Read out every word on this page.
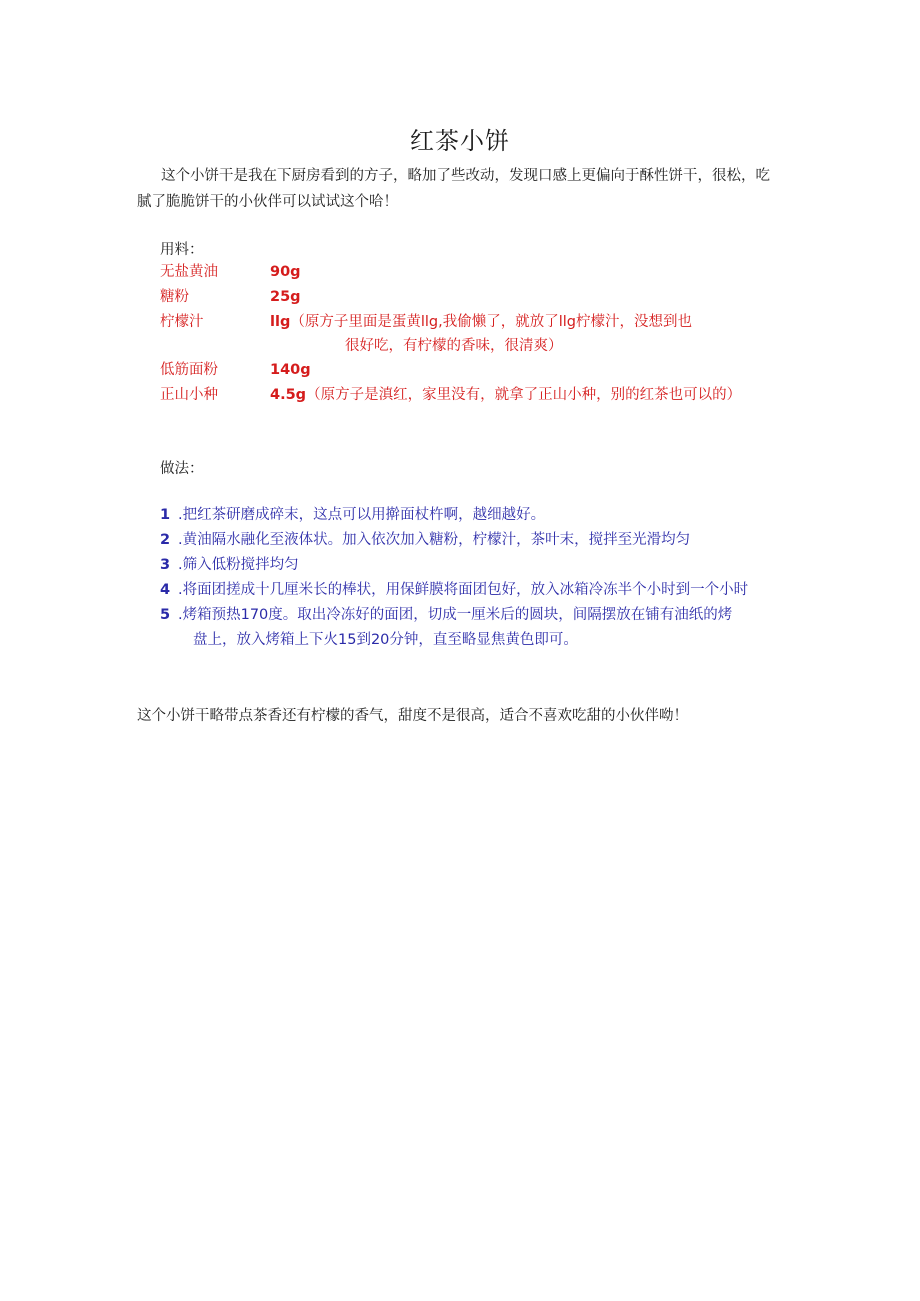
红茶小饼
这个小饼干是我在下厨房看到的方子，略加了些改动，发现口感上更偏向于酥性饼干，很松，吃腻了脆脆饼干的小伙伴可以试试这个哈！
用料：
无盐黄油	90g
糖粉	25g
柠檬汁	llg（原方子里面是蛋黄llg,我偷懒了，就放了llg柠檬汁，没想到也
很好吃，有柠檬的香味，很清爽）
低筋面粉	140g
正山小种	4.5g（原方子是滇红，家里没有，就拿了正山小种，别的红茶也可以的）
做法：
1 .把红茶研磨成碎末，这点可以用擀面杖杵啊，越细越好。
2 .黄油隔水融化至液体状。加入依次加入糖粉，柠檬汁，茶叶末，搅拌至光滑均匀
3 .筛入低粉搅拌均匀
4 .将面团搓成十几厘米长的棒状，用保鲜膜将面团包好，放入冰箱冷冻半个小时到一个小时
5 .烤箱预热170度。取出冷冻好的面团，切成一厘米后的圆块，间隔摆放在铺有油纸的烤
盘上，放入烤箱上下火15到20分钟，直至略显焦黄色即可。
这个小饼干略带点茶香还有柠檬的香气，甜度不是很高，适合不喜欢吃甜的小伙伴呦！
